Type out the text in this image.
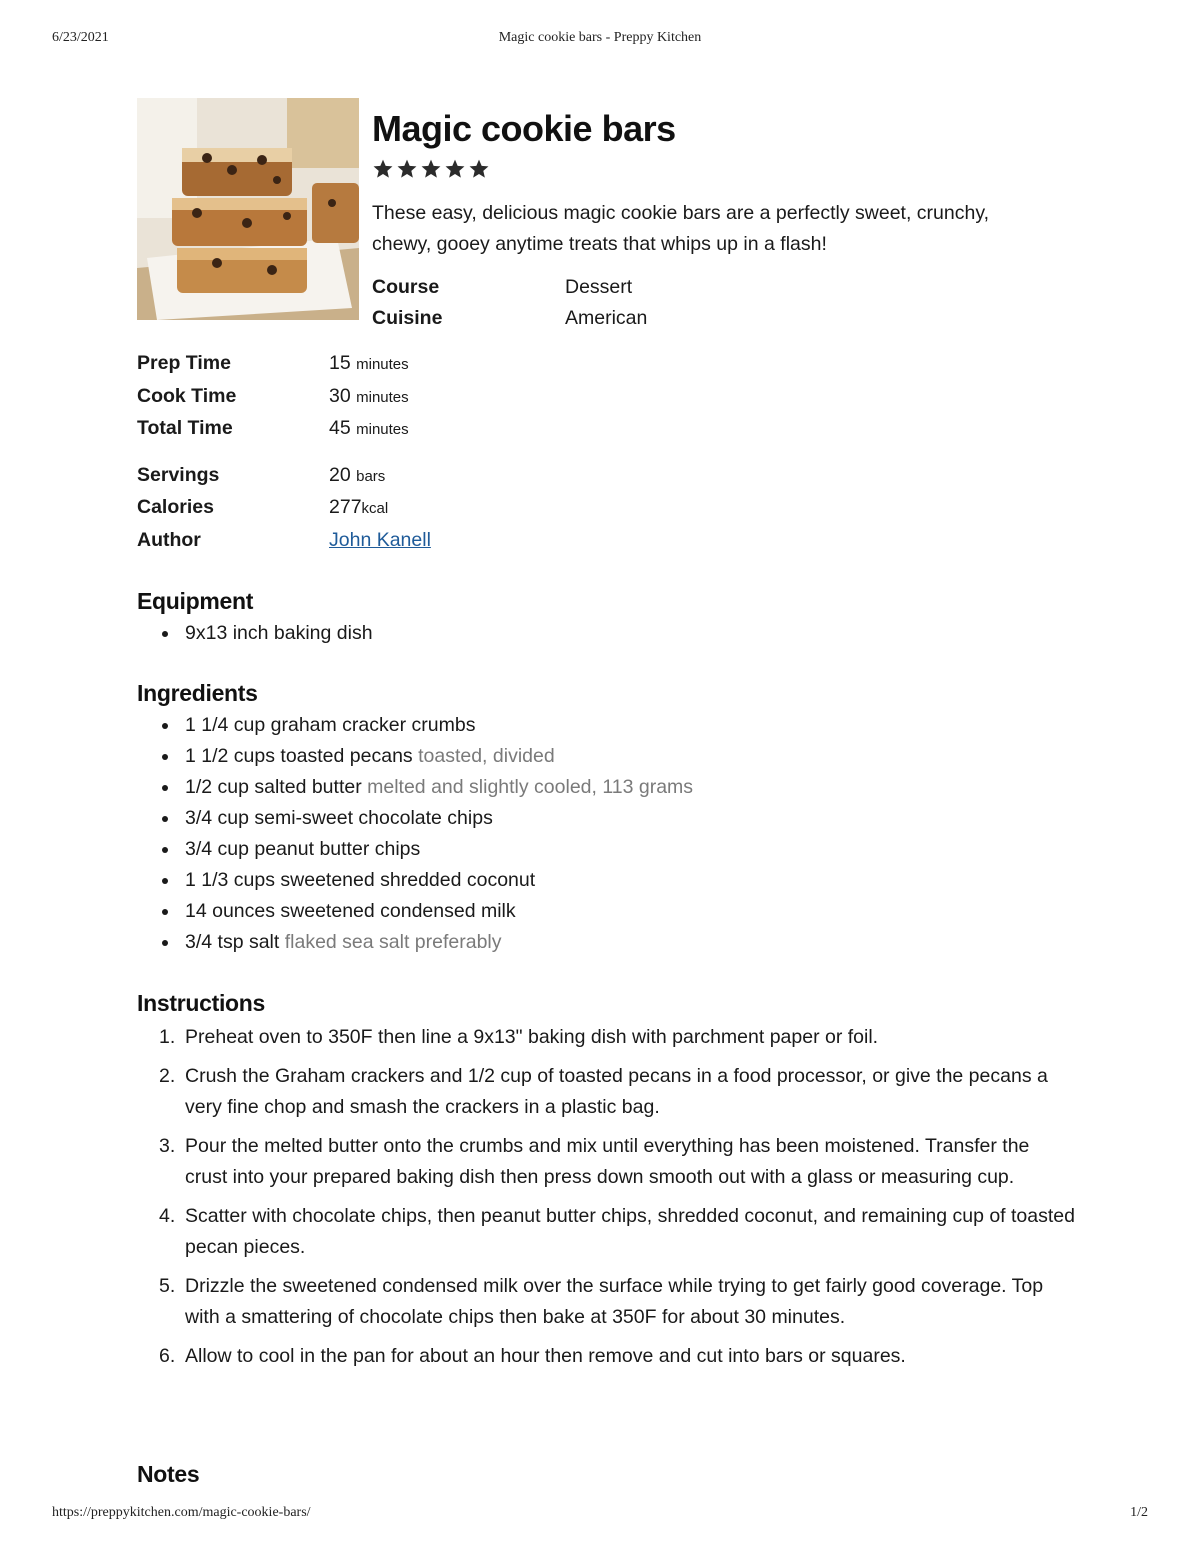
6/23/2021	Magic cookie bars - Preppy Kitchen
Magic cookie bars

These easy, delicious magic cookie bars are a perfectly sweet, crunchy, chewy, gooey anytime treats that whips up in a flash!

Course	Dessert
Cuisine	American
Prep Time	15 minutes
Cook Time	30 minutes
Total Time	45 minutes
Servings	20 bars
Calories	277kcal
Author	John Kanell
Equipment
9x13 inch baking dish
Ingredients
1 1/4 cup graham cracker crumbs
1 1/2 cups toasted pecans toasted, divided
1/2 cup salted butter melted and slightly cooled, 113 grams
3/4 cup semi-sweet chocolate chips
3/4 cup peanut butter chips
1 1/3 cups sweetened shredded coconut
14 ounces sweetened condensed milk
3/4 tsp salt flaked sea salt preferably
Instructions
1. Preheat oven to 350F then line a 9x13" baking dish with parchment paper or foil.
2. Crush the Graham crackers and 1/2 cup of toasted pecans in a food processor, or give the pecans a very fine chop and smash the crackers in a plastic bag.
3. Pour the melted butter onto the crumbs and mix until everything has been moistened. Transfer the crust into your prepared baking dish then press down smooth out with a glass or measuring cup.
4. Scatter with chocolate chips, then peanut butter chips, shredded coconut, and remaining cup of toasted pecan pieces.
5. Drizzle the sweetened condensed milk over the surface while trying to get fairly good coverage. Top with a smattering of chocolate chips then bake at 350F for about 30 minutes.
6. Allow to cool in the pan for about an hour then remove and cut into bars or squares.
Notes
https://preppykitchen.com/magic-cookie-bars/	1/2
